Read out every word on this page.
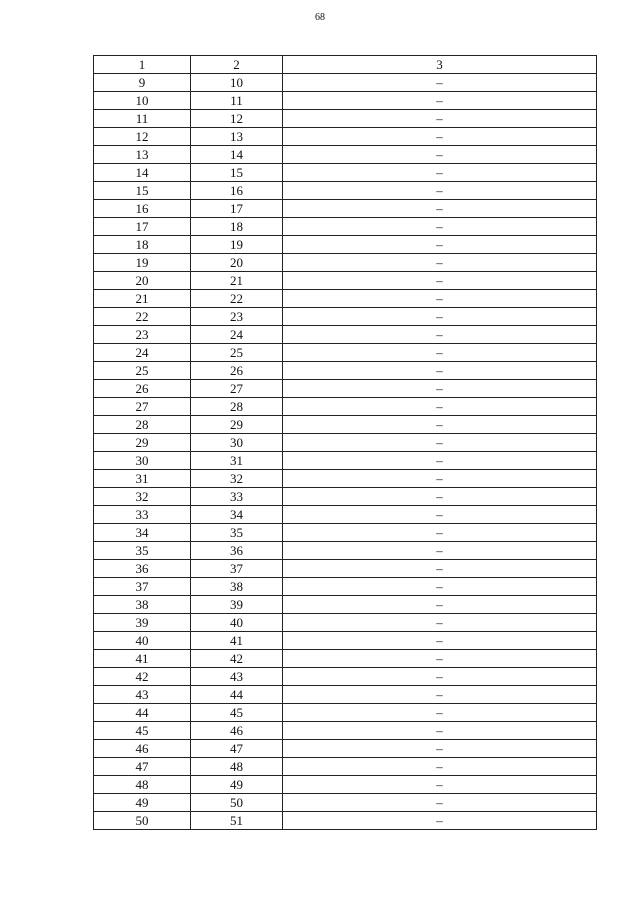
68
1	2	3
9	10	–
10	11	–
11	12	–
12	13	–
13	14	–
14	15	–
15	16	–
16	17	–
17	18	–
18	19	–
19	20	–
20	21	–
21	22	–
22	23	–
23	24	–
24	25	–
25	26	–
26	27	–
27	28	–
28	29	–
29	30	–
30	31	–
31	32	–
32	33	–
33	34	–
34	35	–
35	36	–
36	37	–
37	38	–
38	39	–
39	40	–
40	41	–
41	42	–
42	43	–
43	44	–
44	45	–
45	46	–
46	47	–
47	48	–
48	49	–
49	50	–
50	51	–
